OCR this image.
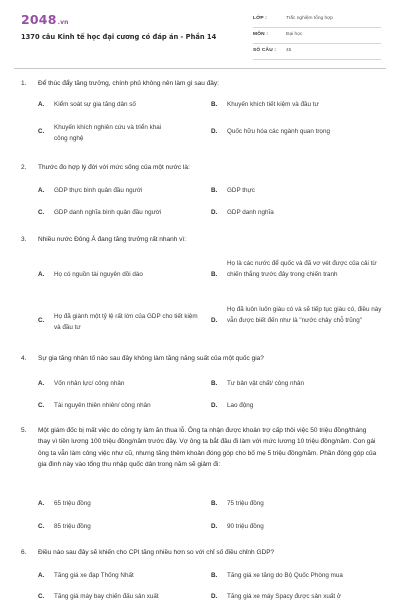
2048.vn
1370 câu Kinh tế học đại cương có đáp án - Phần 14
LỚP :	Trắc nghiệm tổng hợp
MÔN :	Đại học
SỐ CÂU : 45
1. Để thúc đẩy tăng trưởng, chính phủ không nên làm gì sau đây:
A. Kiểm soát sự gia tăng dân số	B. Khuyến khích tiết kiệm và đầu tư
C.
Khuyến khích nghiên cứu và triển khai công nghệ
D. Quốc hữu hóa các ngành quan trọng
2. Thước đo hợp lý đời với mức sống của một nước là:
A. GDP thực bình quân đầu người	B. GDP thực
C. GDP danh nghĩa bình quân đầu người	D. GDP danh nghĩa
3. Nhiều nước Đông Á đang tăng trưởng rất nhanh vì:
A. Họ có nguồn tài nguyên dồi dào	B.
Họ là các nước để quốc và đã vơ vét được của cải từ chiến thắng trước đây trong chiến tranh
C.
Họ đã giành một tỷ lệ rất lớn của GDP cho tiết kiệm và đầu tư
D.
Họ đã luôn luôn giàu có và sẽ tiếp tục giàu có, điều này vẫn được biết đến như là "nước chảy chỗ trũng"
4. Sự gia tăng nhân tố nào sau đây không làm tăng năng suất của một quốc gia?
A. Vốn nhân lực/ công nhân	B. Tư bản vật chất/ công nhân
C. Tài nguyên thiên nhiên/ công nhân	D. Lao động
5. Một giám đốc bị mất việc do công ty làm ăn thua lỗ. Ông ta nhận được khoản trợ cấp thôi việc 50 triệu đồng/tháng thay vì tiền lương 100 triệu đồng/năm trước đây. Vợ ông ta bắt đầu đi làm với mức lương 10 triệu đồng/năm. Con gái ông ta vẫn làm công việc như cũ, nhưng tăng thêm khoản đóng góp cho bố mẹ 5 triệu đồng/năm. Phần đóng góp của gia đình này vào tổng thu nhập quốc dân trong năm sẽ giảm đi:
A. 65 triệu đồng	B. 75 triệu đồng
C. 85 triệu đồng	D. 90 triệu đồng
6. Điều nào sau đây sẽ khiến cho CPI tăng nhiều hơn so với chỉ số điều chỉnh GDP?
A. Tăng giá xe đạp Thống Nhất	B. Tăng giá xe tăng do Bộ Quốc Phòng mua
C. Tăng giá máy bay chiến đấu sản xuất	D. Tăng giá xe máy Spacy được sản xuất ở
